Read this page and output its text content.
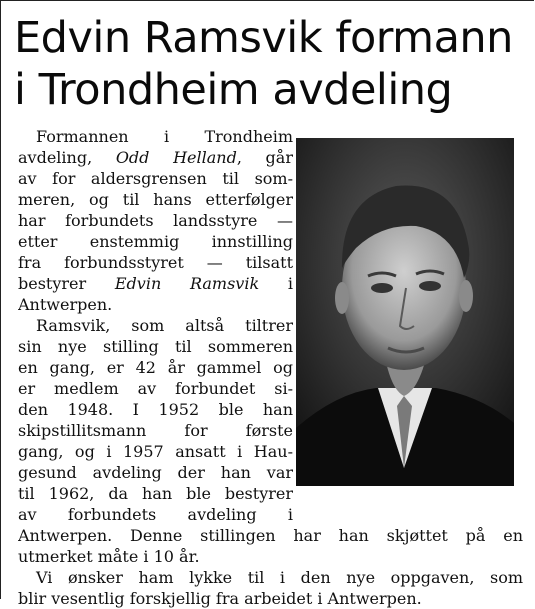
Edvin Ramsvik formann
i Trondheim avdeling
Formannen i Trondheim
avdeling, Odd Helland, går
av for aldersgrensen til som-
meren, og til hans etterfølger
har forbundets landsstyre —
etter enstemmig innstilling
fra forbundsstyret — tilsatt
bestyrer Edvin Ramsvik i
Antwerpen.
Ramsvik, som altså tiltrer
sin nye stilling til sommeren
en gang, er 42 år gammel og
er medlem av forbundet si-
den 1948. I 1952 ble han
skipstillitsmann for første
gang, og i 1957 ansatt i Hau-
gesund avdeling der han var
til 1962, da han ble bestyrer
av forbundets avdeling i
Antwerpen. Denne stillingen har han skjøttet på en
utmerket måte i 10 år.
Vi ønsker ham lykke til i den nye oppgaven, som
blir vesentlig forskjellig fra arbeidet i Antwerpen.
